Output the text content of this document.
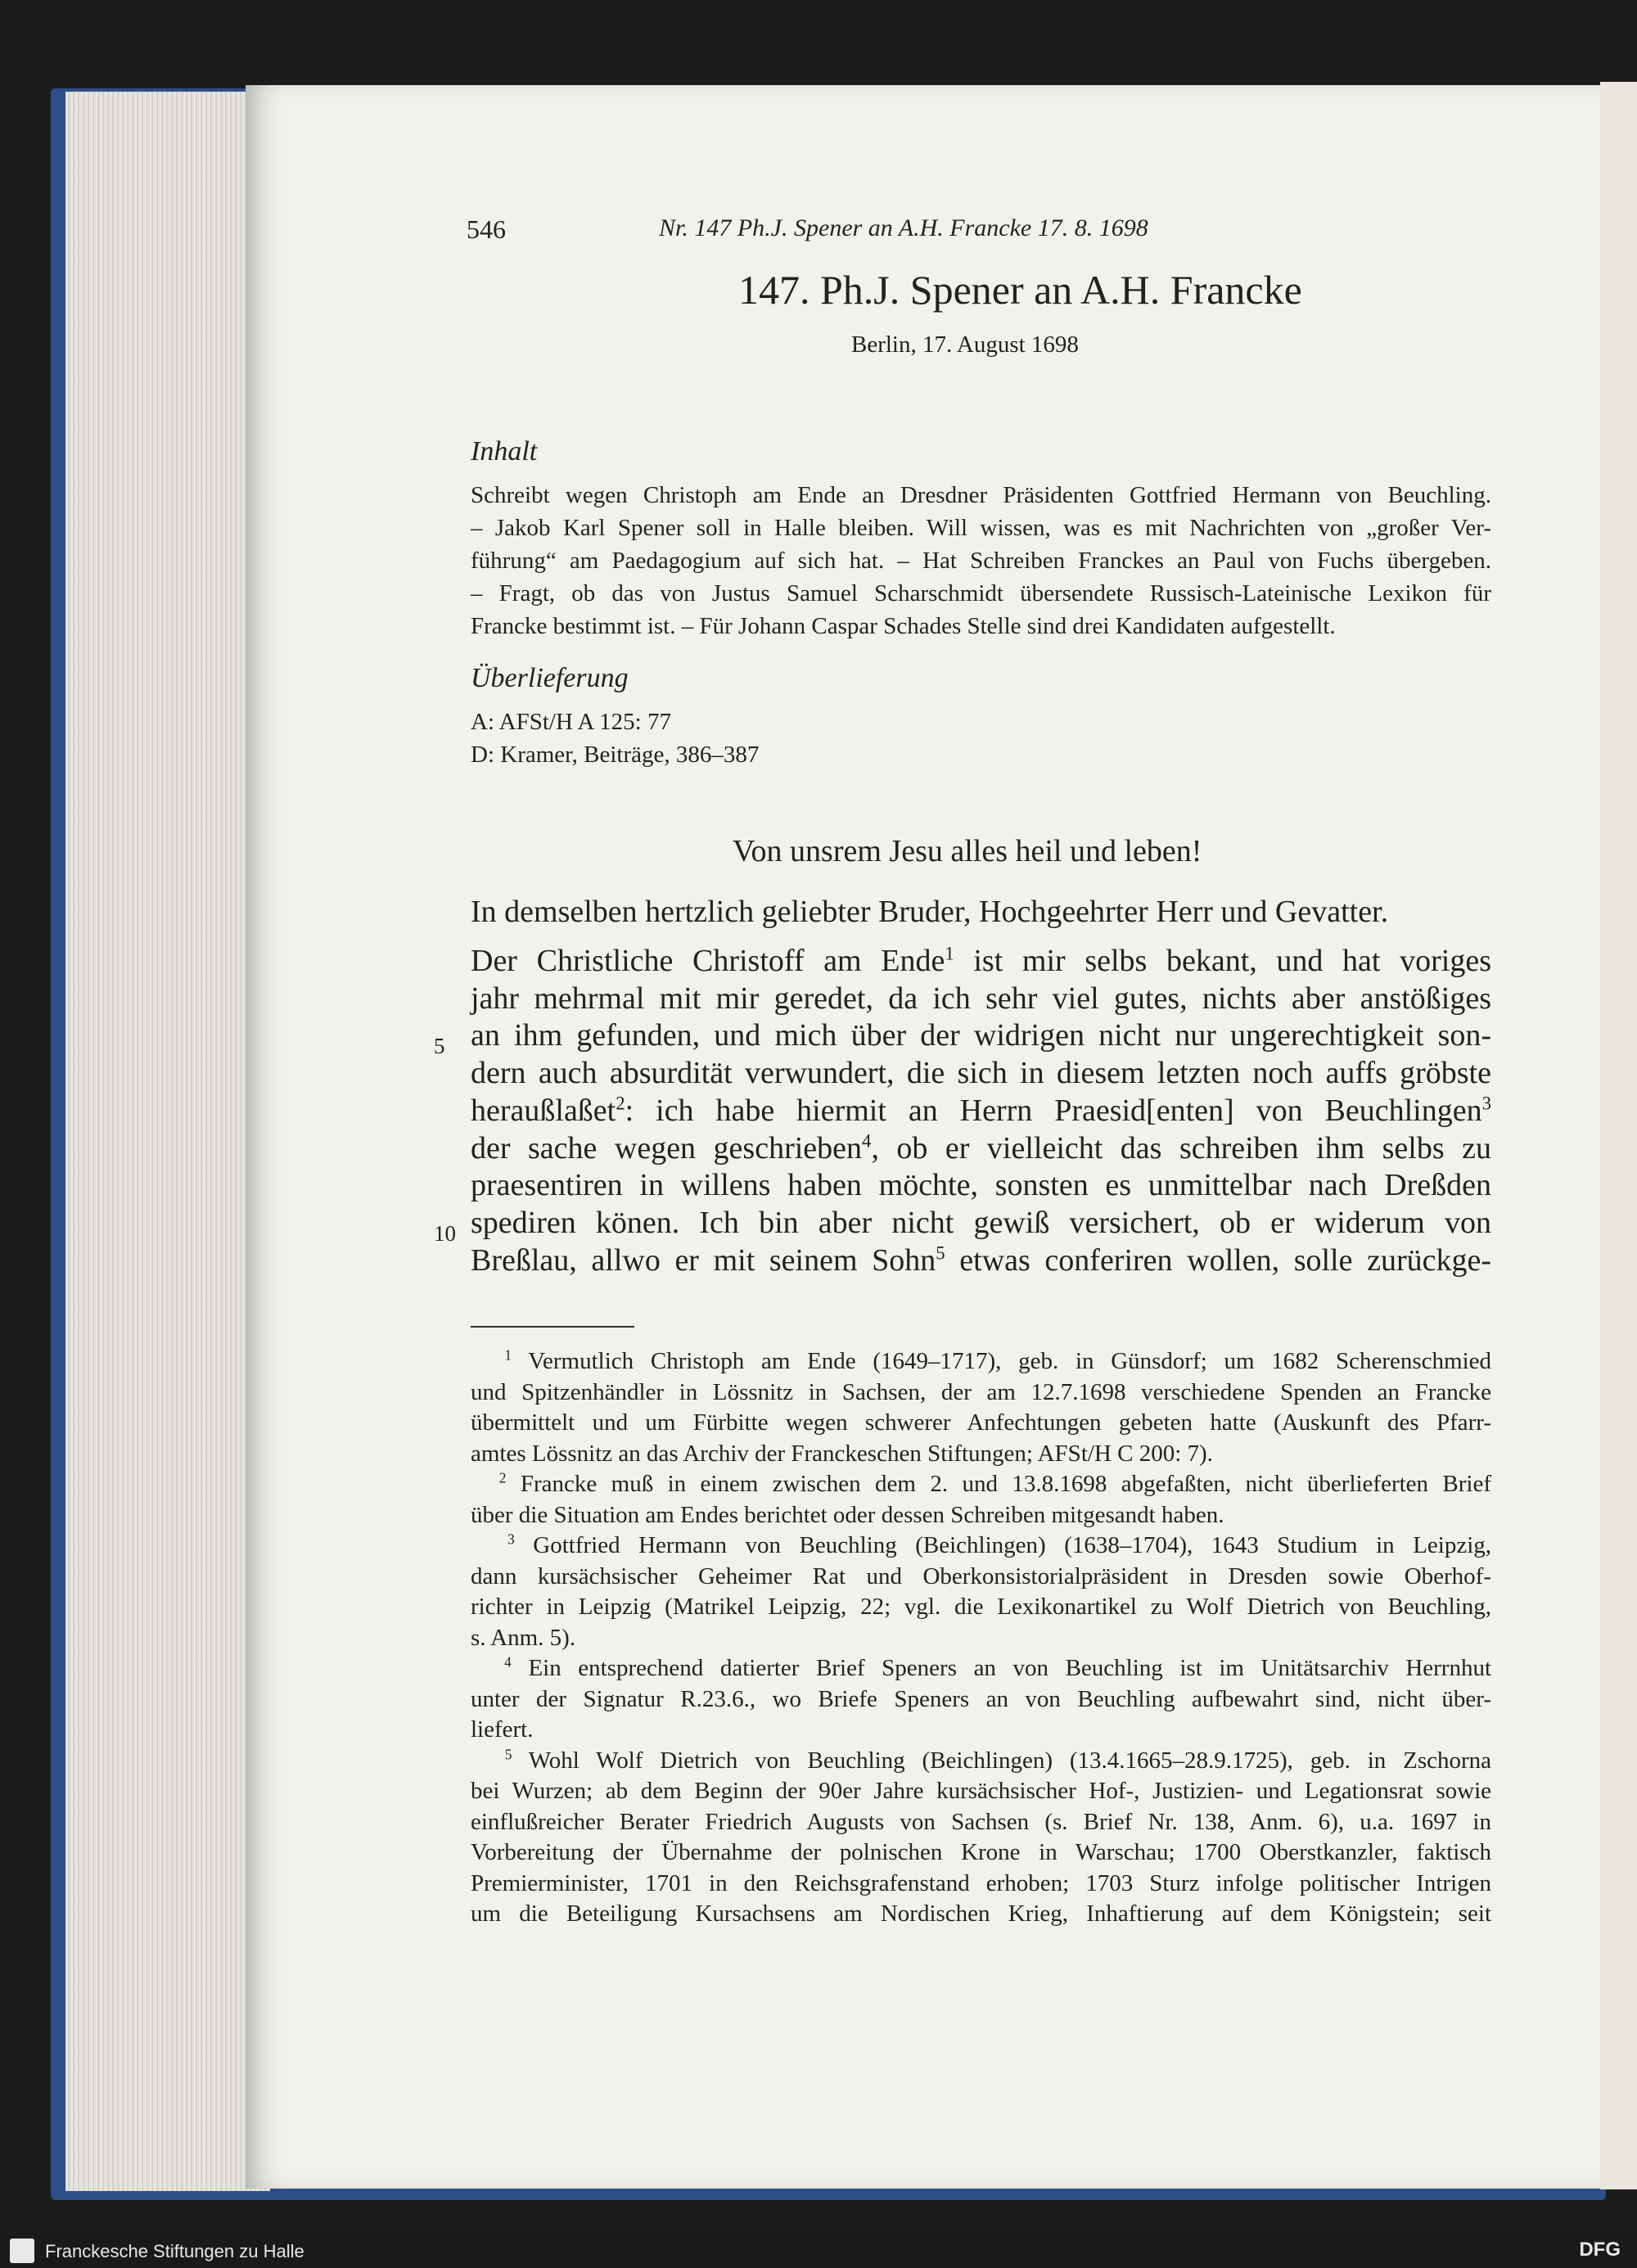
546	Nr. 147 Ph.J. Spener an A.H. Francke 17. 8. 1698
147. Ph.J. Spener an A.H. Francke
Berlin, 17. August 1698
Inhalt
Schreibt wegen Christoph am Ende an Dresdner Präsidenten Gottfried Hermann von Beuchling.
– Jakob Karl Spener soll in Halle bleiben. Will wissen, was es mit Nachrichten von „großer Ver-
führung“ am Paedagogium auf sich hat. – Hat Schreiben Franckes an Paul von Fuchs übergeben.
– Fragt, ob das von Justus Samuel Scharschmidt übersendete Russisch-Lateinische Lexikon für
Francke bestimmt ist. – Für Johann Caspar Schades Stelle sind drei Kandidaten aufgestellt.
Überlieferung
A: AFSt/H A 125: 77
D: Kramer, Beiträge, 386–387
Von unsrem Jesu alles heil und leben!
In demselben hertzlich geliebter Bruder, Hochgeehrter Herr und Gevatter.
Der Christliche Christoff am Ende$^1$ ist mir selbs bekant, und hat voriges
jahr mehrmal mit mir geredet, da ich sehr viel gutes, nichts aber anstößiges
an ihm gefunden, und mich über der widrigen nicht nur ungerechtigkeit son-
dern auch absurdität verwundert, die sich in diesem letzten noch auffs gröbste
heraußlaßet$^2$: ich habe hiermit an Herrn Praesid[enten] von Beuchlingen$^3$
der sache wegen geschrieben$^4$, ob er vielleicht das schreiben ihm selbs zu
praesentiren in willens haben möchte, sonsten es unmittelbar nach Dreßden
spediren könen. Ich bin aber nicht gewiß versichert, ob er widerum von
Breßlau, allwo er mit seinem Sohn$^5$ etwas conferiren wollen, solle zurückge-
5
10
$^1$ Vermutlich Christoph am Ende (1649–1717), geb. in Günsdorf; um 1682 Scherenschmied
und Spitzenhändler in Lössnitz in Sachsen, der am 12.7.1698 verschiedene Spenden an Francke
übermittelt und um Fürbitte wegen schwerer Anfechtungen gebeten hatte (Auskunft des Pfarr-
amtes Lössnitz an das Archiv der Franckeschen Stiftungen; AFSt/H C 200: 7).
$^2$ Francke muß in einem zwischen dem 2. und 13.8.1698 abgefaßten, nicht überlieferten Brief
über die Situation am Endes berichtet oder dessen Schreiben mitgesandt haben.
$^3$ Gottfried Hermann von Beuchling (Beichlingen) (1638–1704), 1643 Studium in Leipzig,
dann kursächsischer Geheimer Rat und Oberkonsistorialpräsident in Dresden sowie Oberhof-
richter in Leipzig (Matrikel Leipzig, 22; vgl. die Lexikonartikel zu Wolf Dietrich von Beuchling,
s. Anm. 5).
$^4$ Ein entsprechend datierter Brief Speners an von Beuchling ist im Unitätsarchiv Herrnhut
unter der Signatur R.23.6., wo Briefe Speners an von Beuchling aufbewahrt sind, nicht über-
liefert.
$^5$ Wohl Wolf Dietrich von Beuchling (Beichlingen) (13.4.1665–28.9.1725), geb. in Zschorna
bei Wurzen; ab dem Beginn der 90er Jahre kursächsischer Hof-, Justizien- und Legationsrat sowie
einflußreicher Berater Friedrich Augusts von Sachsen (s. Brief Nr. 138, Anm. 6), u.a. 1697 in
Vorbereitung der Übernahme der polnischen Krone in Warschau; 1700 Oberstkanzler, faktisch
Premierminister, 1701 in den Reichsgrafenstand erhoben; 1703 Sturz infolge politischer Intrigen
um die Beteiligung Kursachsens am Nordischen Krieg, Inhaftierung auf dem Königstein; seit
Franckesche Stiftungen zu Halle	DFG
